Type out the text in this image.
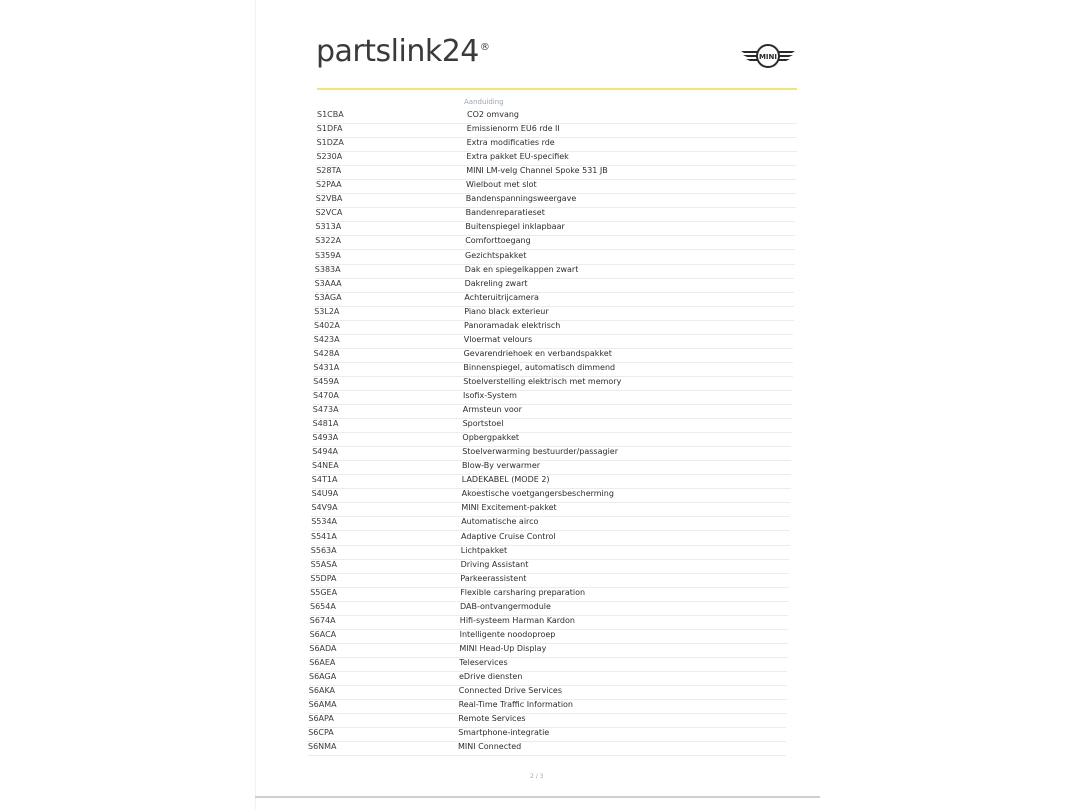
partslink24®
MINI
Aanduiding
S1CBA	CO2 omvang
S1DFA	Emissienorm EU6 rde II
S1DZA	Extra modificaties rde
S230A	Extra pakket EU-specifiek
S28TA	MINI LM-velg Channel Spoke 531 JB
S2PAA	Wielbout met slot
S2VBA	Bandenspanningsweergave
S2VCA	Bandenreparatieset
S313A	Buitenspiegel inklapbaar
S322A	Comforttoegang
S359A	Gezichtspakket
S383A	Dak en spiegelkappen zwart
S3AAA	Dakreling zwart
S3AGA	Achteruitrijcamera
S3L2A	Piano black exterieur
S402A	Panoramadak elektrisch
S423A	Vloermat velours
S428A	Gevarendriehoek en verbandspakket
S431A	Binnenspiegel, automatisch dimmend
S459A	Stoelverstelling elektrisch met memory
S470A	Isofix-System
S473A	Armsteun voor
S481A	Sportstoel
S493A	Opbergpakket
S494A	Stoelverwarming bestuurder/passagier
S4NEA	Blow-By verwarmer
S4T1A	LADEKABEL (MODE 2)
S4U9A	Akoestische voetgangersbescherming
S4V9A	MINI Excitement-pakket
S534A	Automatische airco
S541A	Adaptive Cruise Control
S563A	Lichtpakket
S5ASA	Driving Assistant
S5DPA	Parkeerassistent
S5GEA	Flexible carsharing preparation
S654A	DAB-ontvangermodule
S674A	Hifi-systeem Harman Kardon
S6ACA	Intelligente noodoproep
S6ADA	MINI Head-Up Display
S6AEA	Teleservices
S6AGA	eDrive diensten
S6AKA	Connected Drive Services
S6AMA	Real-Time Traffic Information
S6APA	Remote Services
S6CPA	Smartphone-integratie
S6NMA	MINI Connected
2 / 3
